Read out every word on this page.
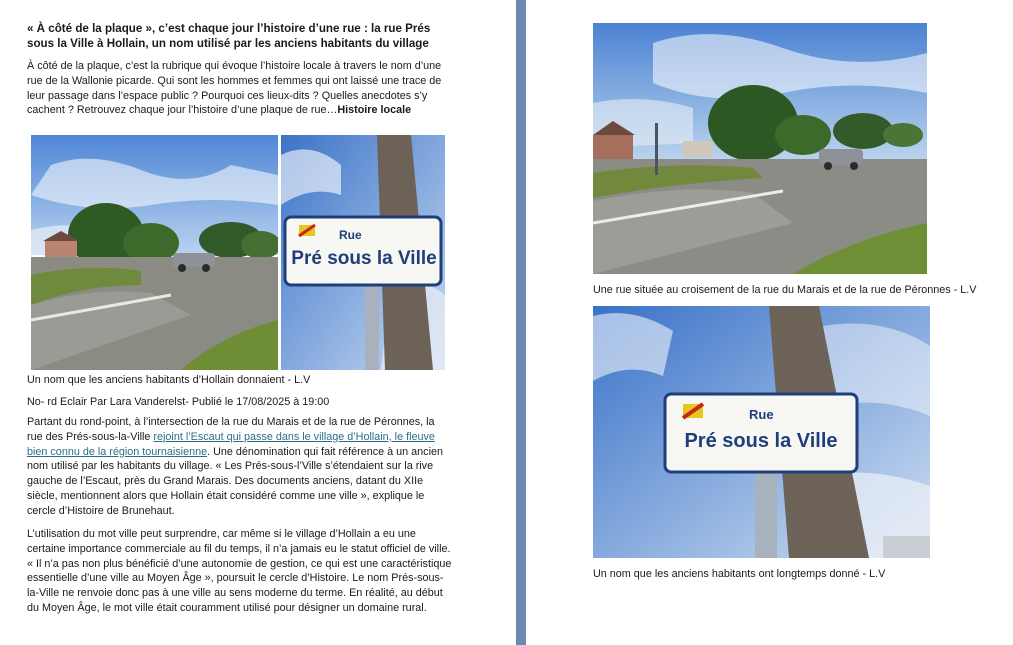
« À côté de la plaque », c’est chaque jour l’histoire d’une rue : la rue Prés sous la Ville à Hollain, un nom utilisé par les anciens habitants du village

À côté de la plaque, c’est la rubrique qui évoque l’histoire locale à travers le nom d’une rue de la Wallonie picarde. Qui sont les hommes et femmes qui ont laissé une trace de leur passage dans l’espace public ? Pourquoi ces lieux-dits ? Quelles anecdotes s’y cachent ? Retrouvez chaque jour l’histoire d’une plaque de rue…Histoire locale

Rue
Pré sous la Ville

Un nom que les anciens habitants d’Hollain donnaient - L.V

No- rd Eclair Par Lara Vanderelst- Publié le 17/08/2025 à 19:00

Partant du rond-point, à l’intersection de la rue du Marais et de la rue de Péronnes, la rue des Prés-sous-la-Ville rejoint l’Escaut qui passe dans le village d’Hollain, le fleuve bien connu de la région tournaisienne. Une dénomination qui fait référence à un ancien nom utilisé par les habitants du village. « Les Prés-sous-l’Ville s’étendaient sur la rive gauche de l’Escaut, près du Grand Marais. Des documents anciens, datant du XIIe siècle, mentionnent alors que Hollain était considéré comme une ville », explique le cercle d’Histoire de Brunehaut.

L’utilisation du mot ville peut surprendre, car même si le village d’Hollain a eu une certaine importance commerciale au fil du temps, il n’a jamais eu le statut officiel de ville. « Il n’a pas non plus bénéficié d’une autonomie de gestion, ce qui est une caractéristique essentielle d’une ville au Moyen Âge », poursuit le cercle d’Histoire. Le nom Prés-sous-la-Ville ne renvoie donc pas à une ville au sens moderne du terme. En réalité, au début du Moyen Âge, le mot ville était couramment utilisé pour désigner un domaine rural.

Une rue située au croisement de la rue du Marais et de la rue de Péronnes - L.V

Rue
Pré sous la Ville

Un nom que les anciens habitants ont longtemps donné - L.V
